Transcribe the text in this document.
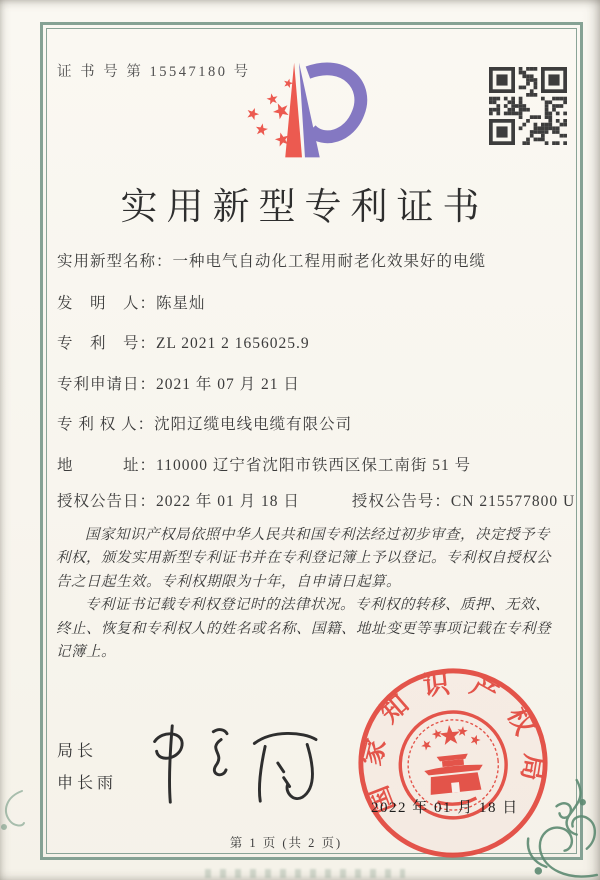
证 书 号 第 15547180 号
实用新型专利证书
实用新型名称：一种电气自动化工程用耐老化效果好的电缆
发　明　人：陈星灿
专　利　号：ZL 2021 2 1656025.9
专利申请日：2021 年 07 月 21 日
专 利 权 人：沈阳辽缆电线电缆有限公司
地　　　址：110000 辽宁省沈阳市铁西区保工南街 51 号
授权公告日：2022 年 01 月 18 日	授权公告号：CN 215577800 U

国家知识产权局依照中华人民共和国专利法经过初步审查，决定授予专利权，颁发实用新型专利证书并在专利登记簿上予以登记。专利权自授权公告之日起生效。专利权期限为十年，自申请日起算。

专利证书记载专利权登记时的法律状况。专利权的转移、质押、无效、终止、恢复和专利权人的姓名或名称、国籍、地址变更等事项记载在专利登记簿上。

局长
申长雨	国家知识产权局
2022 年 01 月 18 日
第 1 页 (共 2 页)
